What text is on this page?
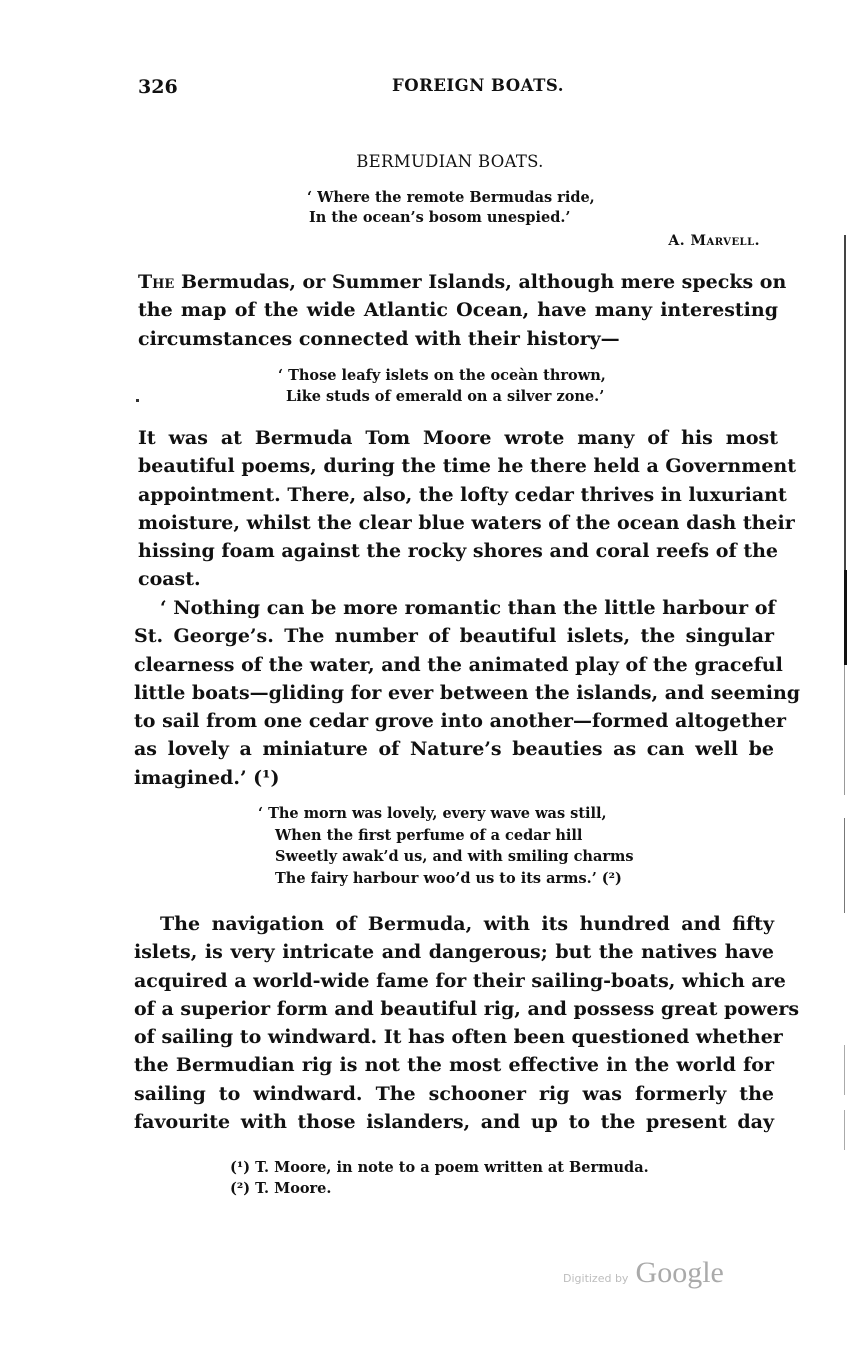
326	FOREIGN BOATS.
BERMUDIAN BOATS.
‘ Where the remote Bermudas ride,
In the ocean’s bosom unespied.’
A. Marvell.
The Bermudas, or Summer Islands, although mere specks on
the map of the wide Atlantic Ocean, have many interesting
circumstances connected with their history—
‘ Those leafy islets on the oceàn thrown,
Like studs of emerald on a silver zone.’
It was at Bermuda Tom Moore wrote many of his most
beautiful poems, during the time he there held a Government
appointment. There, also, the lofty cedar thrives in luxuriant
moisture, whilst the clear blue waters of the ocean dash their
hissing foam against the rocky shores and coral reefs of the
coast.
‘ Nothing can be more romantic than the little harbour of
St. George’s. The number of beautiful islets, the singular
clearness of the water, and the animated play of the graceful
little boats—gliding for ever between the islands, and seeming
to sail from one cedar grove into another—formed altogether
as lovely a miniature of Nature’s beauties as can well be
imagined.’ (¹)
‘ The morn was lovely, every wave was still,
When the first perfume of a cedar hill
Sweetly awak’d us, and with smiling charms
The fairy harbour woo’d us to its arms.’ (²)
The navigation of Bermuda, with its hundred and fifty
islets, is very intricate and dangerous; but the natives have
acquired a world-wide fame for their sailing-boats, which are
of a superior form and beautiful rig, and possess great powers
of sailing to windward. It has often been questioned whether
the Bermudian rig is not the most effective in the world for
sailing to windward. The schooner rig was formerly the
favourite with those islanders, and up to the present day
(¹) T. Moore, in note to a poem written at Bermuda.
(²) T. Moore.
Digitized by Google
